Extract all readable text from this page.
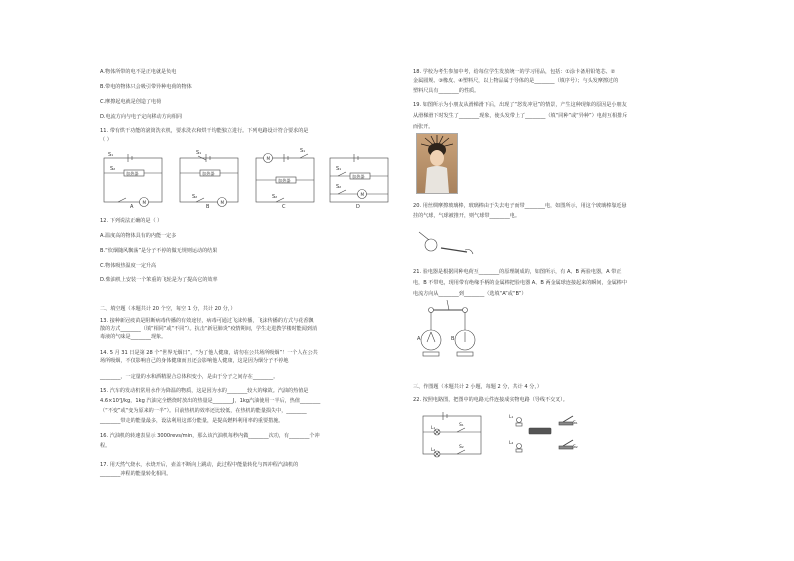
A.物体所带的电不是正电就是负电
B.带电的物体只会吸引带异种电荷的物体
C.摩擦起电就是创造了电荷
D.电流方向与电子定向移动方向相同
11. 带有烘干功能的滚筒洗衣机，要求洗衣和烘干均能独立进行。下列电路设计符合要求的是
（ ）
加热器
M
S₁
S₂
加热器
M
S₁
S₂
M
加热器
S₁
S₂
加热器
M
S₁
S₂
A	B	C	D
12. 下列说法正确的是（ ）
A.温度高的物体具有的内能一定多
B.“炊烟随风飘荡”是分子不停的做无规则运动的结果
C.物体吸热温度一定升高
D.柴油机上安装一个笨重的飞轮是为了提高它的效率
二、填空题（本题共计 20 个空，每空 1 分，共计 20 分，）
13. 接种新冠疫苗是阻断病毒传播的有效途径，病毒可通过飞沫传播，飞沫传播的方式与花香飘
散的方式________（填“相同”或“不同”）。抗击“新冠肺炎”疫情期间，学生走进教学楼时能闻到消
毒液的气味是________现象。
14. 5 月 31 日是第 28 个“世界无烟日”，“为了他人健康，请勿在公共场所吸烟”！一个人在公共
场所吸烟，不仅影响自己的身体健康而且还会影响他人健康，这是因为烟分子不停地
________，一定量的水和酒精混合总体积变小，是由于分子之间存在________。
15. 汽车的发动机常用水作为降温的物质，这是因为水的________较大的缘故。汽油的热值是
4.6×10⁷J/kg，1kg 汽油完全燃烧时放出的热量是________J，1kg汽油使用一半后，热值________
（“不变”或“变为原来的一半”）。目前热机的效率还比较低，在热机的能量损失中，________
________带走的能量最多，设法利用这部分能量，是提高燃料利用率的重要措施。
16. 汽油机的转速表显示 3000revs/min，那么该汽油机每秒内做________次功，有________个冲
程。
17. 用天然气烧水，水烧开后，壶盖不断向上跳动，此过程中能量转化与四冲程汽油机的
________冲程的能量转化相同。
18. 学校为考生参加中考，给每位学生发放统一的学习用品，包括：①涂卡备用铅笔芯、②
金属圆规、③橡皮、④塑料尺，以上物品属于导体的是________（填序号）；与头发摩擦过的
塑料尺具有________的性质。
19. 如图所示为小朋友从滑梯滑下后，出现了“怒发冲冠”的情景，产生这种现象的原因是小朋友
从滑梯滑下时发生了________现象，使头发带上了________（填“同种”或“异种”）电荷互相排斥
而张开。
20. 用丝绸摩擦玻璃棒，玻璃棒由于失去电子而带________电，如图所示，用这个玻璃棒靠近悬
挂的气球，气球被推开，则气球带________电。
21. 验电器是根据同种电荷互________的原理制成的，如图所示，有 A、B 两验电器，A 带正
电，B 不带电，现用带有绝缘手柄的金属棒把验电器 A、B 两金属球连接起来的瞬间，金属棒中
电流方向从________到________（选填“A”或“B”）
A	B
三、作图题（本题共计 2 小题，每题 2 分，共计 4 分，）
22. 按照电路图，把图中的电路元件连接成实物电路（导线不交叉）。
L₁
L₂
S₁
S₂
L₁
L₂
S₁
S₂
